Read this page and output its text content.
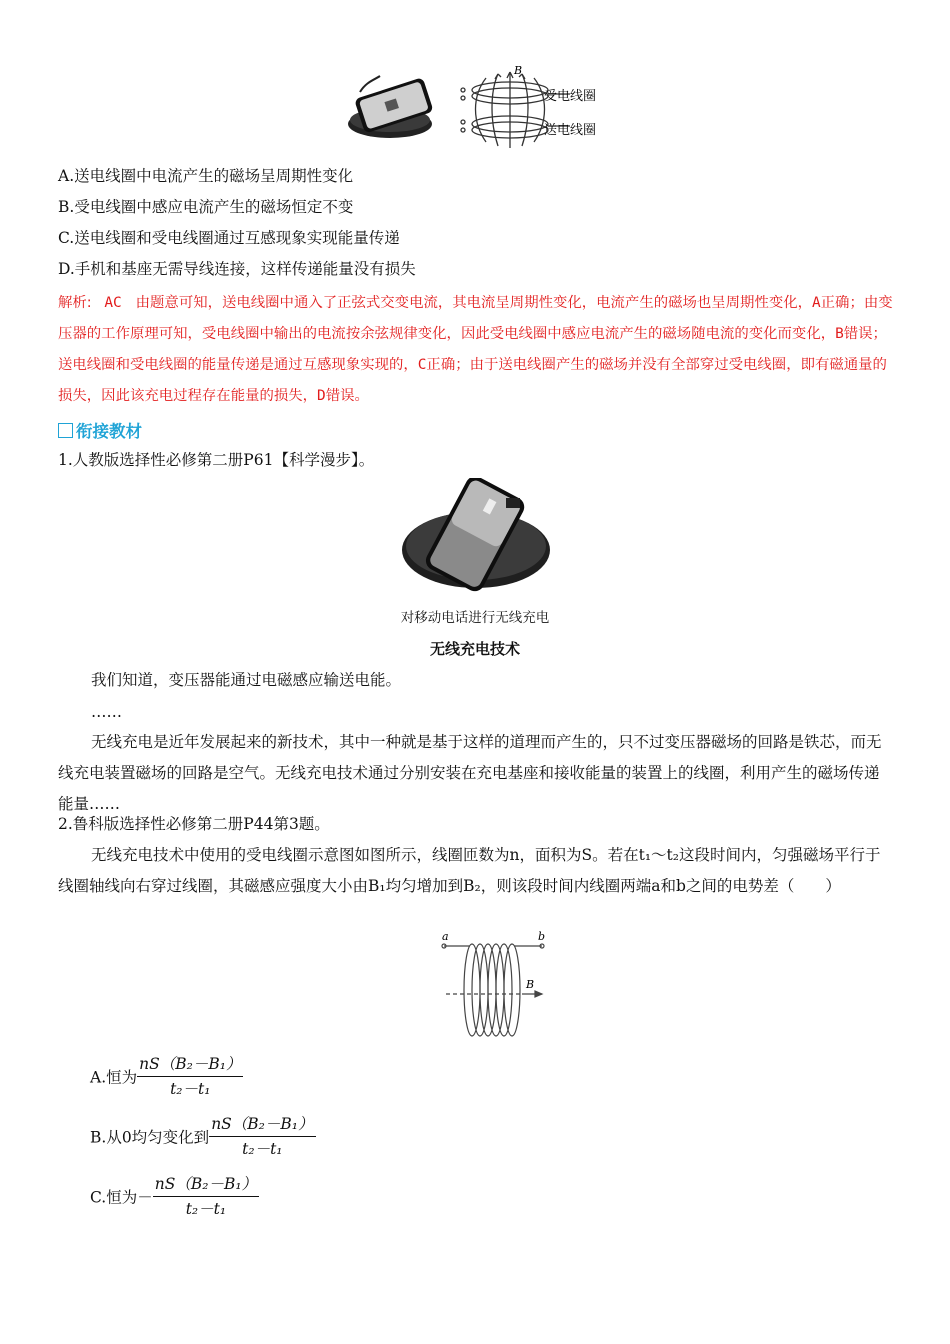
B
受电线圈
送电线圈
A.送电线圈中电流产生的磁场呈周期性变化
B.受电线圈中感应电流产生的磁场恒定不变
C.送电线圈和受电线圈通过互感现象实现能量传递
D.手机和基座无需导线连接，这样传递能量没有损失
解析: AC 由题意可知，送电线圈中通入了正弦式交变电流，其电流呈周期性变化，电流产生的磁场也呈周期性变化，A正确；由变压器的工作原理可知，受电线圈中输出的电流按余弦规律变化，因此受电线圈中感应电流产生的磁场随电流的变化而变化，B错误；送电线圈和受电线圈的能量传递是通过互感现象实现的，C正确；由于送电线圈产生的磁场并没有全部穿过受电线圈，即有磁通量的损失，因此该充电过程存在能量的损失，D错误。
衔接教材
1.人教版选择性必修第二册P61【科学漫步】。
对移动电话进行无线充电
无线充电技术
我们知道，变压器能通过电磁感应输送电能。
……
无线充电是近年发展起来的新技术，其中一种就是基于这样的道理而产生的，只不过变压器磁场的回路是铁芯，而无线充电装置磁场的回路是空气。无线充电技术通过分别安装在充电基座和接收能量的装置上的线圈，利用产生的磁场传递能量……
2.鲁科版选择性必修第二册P44第3题。
无线充电技术中使用的受电线圈示意图如图所示，线圈匝数为n，面积为S。若在t₁～t₂这段时间内，匀强磁场平行于线圈轴线向右穿过线圈，其磁感应强度大小由B₁均匀增加到B₂，则该段时间内线圈两端a和b之间的电势差（　　）
a	b
B
A.恒为 $\frac{\text{nS（B₂－B₁）}}{\text{t₂－t₁}}$
B.从0均匀变化到 $\frac{\text{nS（B₂－B₁）}}{\text{t₂－t₁}}$
C.恒为－ $\frac{\text{nS（B₂－B₁）}}{\text{t₂－t₁}}$
